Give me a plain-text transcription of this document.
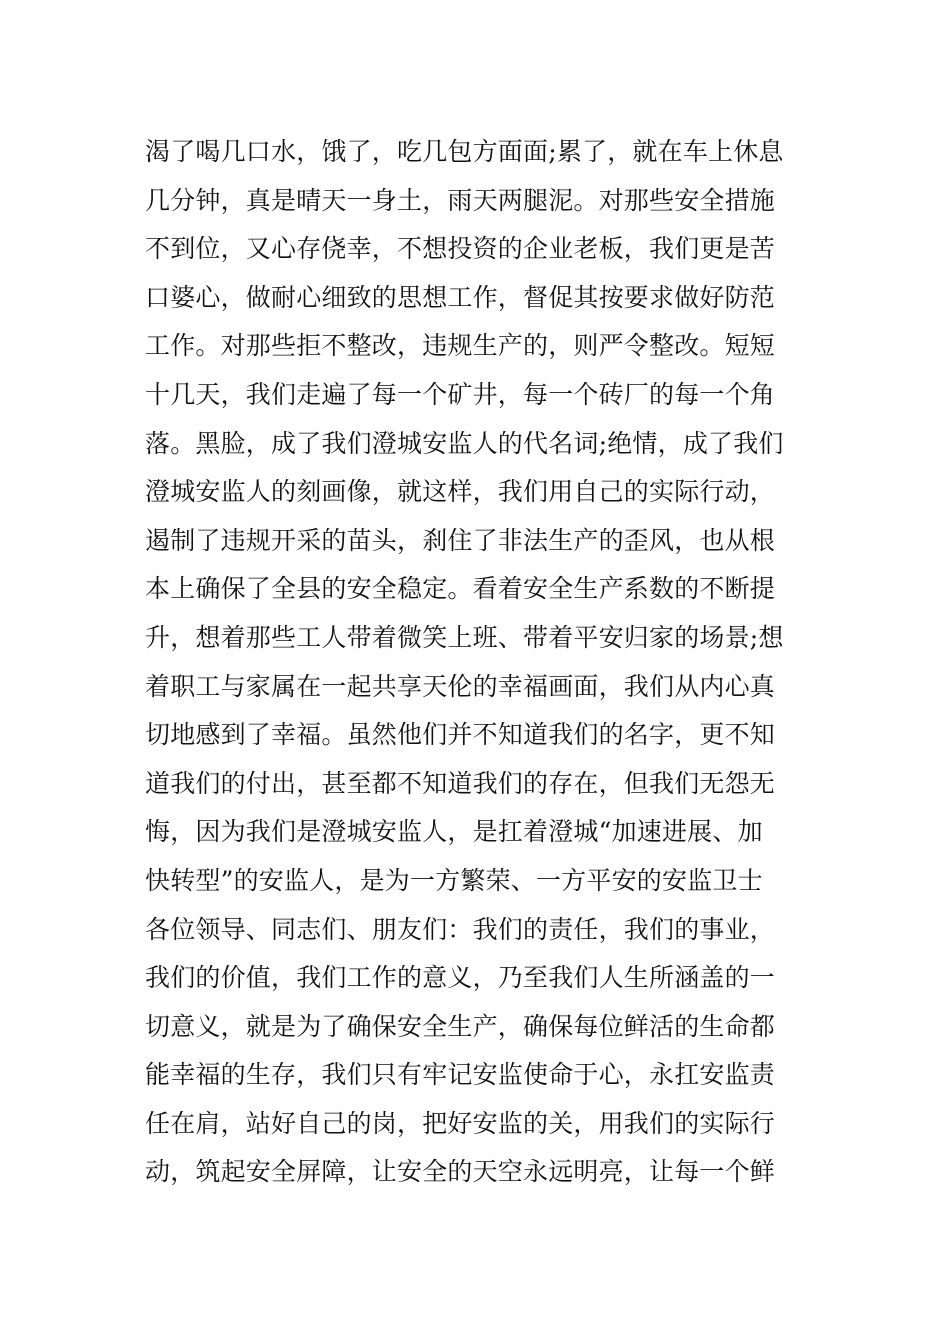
渴了喝几口水，饿了，吃几包方面面;累了，就在车上休息
几分钟，真是晴天一身土，雨天两腿泥。对那些安全措施
不到位，又心存侥幸，不想投资的企业老板，我们更是苦
口婆心，做耐心细致的思想工作，督促其按要求做好防范
工作。对那些拒不整改，违规生产的，则严令整改。短短
十几天，我们走遍了每一个矿井，每一个砖厂的每一个角
落。黑脸，成了我们澄城安监人的代名词;绝情，成了我们
澄城安监人的刻画像，就这样，我们用自己的实际行动，
遏制了违规开采的苗头，刹住了非法生产的歪风，也从根
本上确保了全县的安全稳定。看着安全生产系数的不断提
升，想着那些工人带着微笑上班、带着平安归家的场景;想
着职工与家属在一起共享天伦的幸福画面，我们从内心真
切地感到了幸福。虽然他们并不知道我们的名字，更不知
道我们的付出，甚至都不知道我们的存在，但我们无怨无
悔，因为我们是澄城安监人，是扛着澄城“加速进展、加
快转型”的安监人，是为一方繁荣、一方平安的安监卫士
各位领导、同志们、朋友们：我们的责任，我们的事业，
我们的价值，我们工作的意义，乃至我们人生所涵盖的一
切意义，就是为了确保安全生产，确保每位鲜活的生命都
能幸福的生存，我们只有牢记安监使命于心，永扛安监责
任在肩，站好自己的岗，把好安监的关，用我们的实际行
动，筑起安全屏障，让安全的天空永远明亮，让每一个鲜
